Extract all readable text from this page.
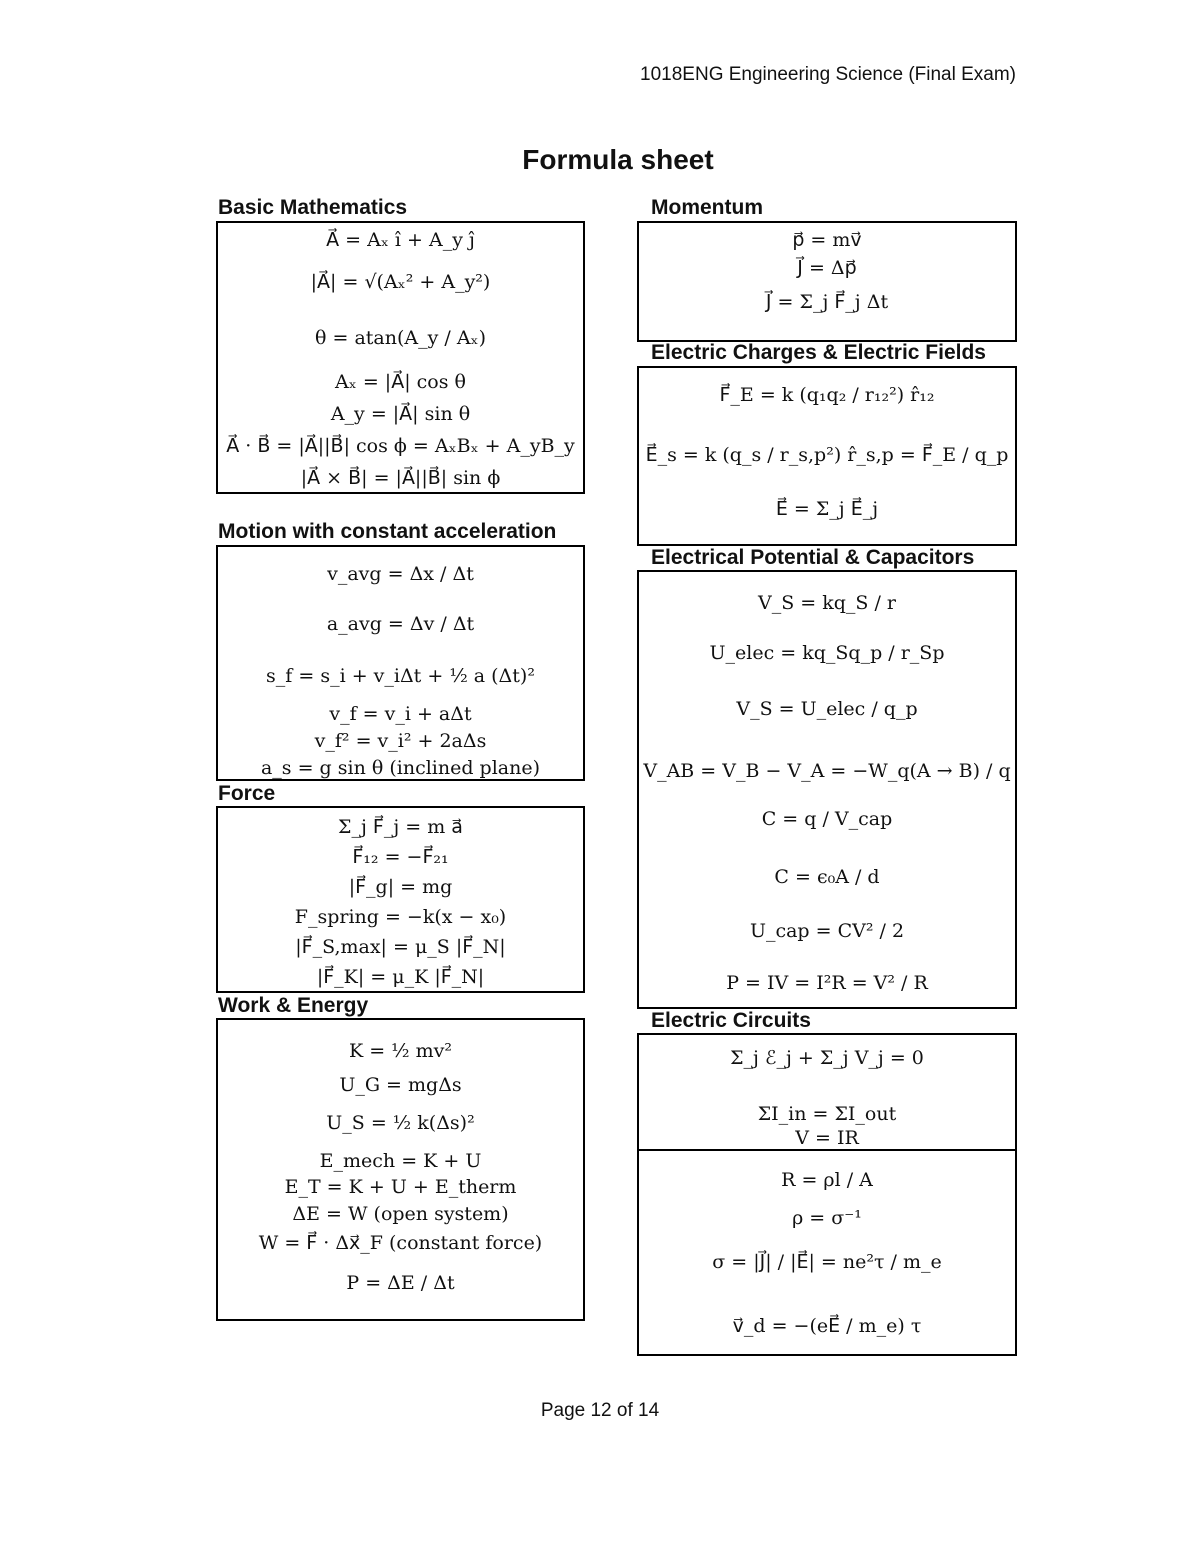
1018ENG Engineering Science (Final Exam)
Formula sheet
Basic Mathematics
A⃗ = Aₓ î + A_y ĵ
|A⃗| = √(Aₓ² + A_y²)
θ = atan(A_y / Aₓ)
Aₓ = |A⃗| cos θ
A_y = |A⃗| sin θ
A⃗ · B⃗ = |A⃗||B⃗| cos ϕ = AₓBₓ + A_yB_y
|A⃗ × B⃗| = |A⃗||B⃗| sin ϕ
Motion with constant acceleration
v_avg = Δx / Δt
a_avg = Δv / Δt
s_f = s_i + v_iΔt + ½ a (Δt)²
v_f = v_i + aΔt
v_f² = v_i² + 2aΔs
a_s = g sin θ (inclined plane)
Force
Σ_j F⃗_j = m a⃗
F⃗₁₂ = −F⃗₂₁
|F⃗_g| = mg
F_spring = −k(x − x₀)
|F⃗_S,max| = μ_S |F⃗_N|
|F⃗_K| = μ_K |F⃗_N|
Work & Energy
K = ½ mv²
U_G = mgΔs
U_S = ½ k(Δs)²
E_mech = K + U
E_T = K + U + E_therm
ΔE = W (open system)
W = F⃗ · Δx⃗_F (constant force)
P = ΔE / Δt
Momentum
p⃗ = mv⃗
J⃗ = Δp⃗
J⃗ = Σ_j F⃗_j Δt
Electric Charges & Electric Fields
F⃗_E = k (q₁q₂ / r₁₂²) r̂₁₂
E⃗_s = k (q_s / r_s,p²) r̂_s,p = F⃗_E / q_p
E⃗ = Σ_j E⃗_j
Electrical Potential & Capacitors
V_S = kq_S / r
U_elec = kq_Sq_p / r_Sp
V_S = U_elec / q_p
V_AB = V_B − V_A = −W_q(A → B) / q
C = q / V_cap
C = ϵ₀A / d
U_cap = CV² / 2
P = IV = I²R = V² / R
Electric Circuits
Σ_j ℰ_j + Σ_j V_j = 0
ΣI_in = ΣI_out
V = IR
R = ρl / A
ρ = σ⁻¹
σ = |J⃗| / |E⃗| = ne²τ / m_e
v⃗_d = −(eE⃗ / m_e) τ
Page 12 of 14
